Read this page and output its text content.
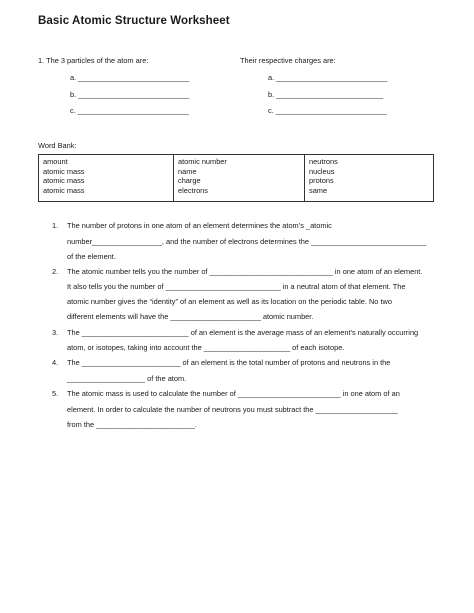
Basic Atomic Structure Worksheet
1. The 3 particles of the atom are:	Their respective charges are:
a. ___________________________
b. ___________________________
c. ___________________________
a. ___________________________
b. __________________________
c. ___________________________
Word Bank:
amount
atomic mass
atomic mass
atomic mass
atomic number
name
charge
electrons
neutrons
nucleus
protons
same
1. The number of protons in one atom of an element determines the atom’s _atomic
number_________________, and the number of electrons determines the ____________________________
of the element.
2. The atomic number tells you the number of ______________________________ in one atom of an element.
It also tells you the number of ____________________________ in a neutral atom of that element. The
atomic number gives the “identity” of an element as well as its location on the periodic table. No two
different elements will have the ______________________ atomic number.
3. The __________________________ of an element is the average mass of an element’s naturally occurring
atom, or isotopes, taking into account the _____________________ of each isotope.
4. The ________________________ of an element is the total number of protons and neutrons in the
___________________ of the atom.
5. The atomic mass is used to calculate the number of _________________________ in one atom of an
element. In order to calculate the number of neutrons you must subtract the ____________________
from the ________________________.
